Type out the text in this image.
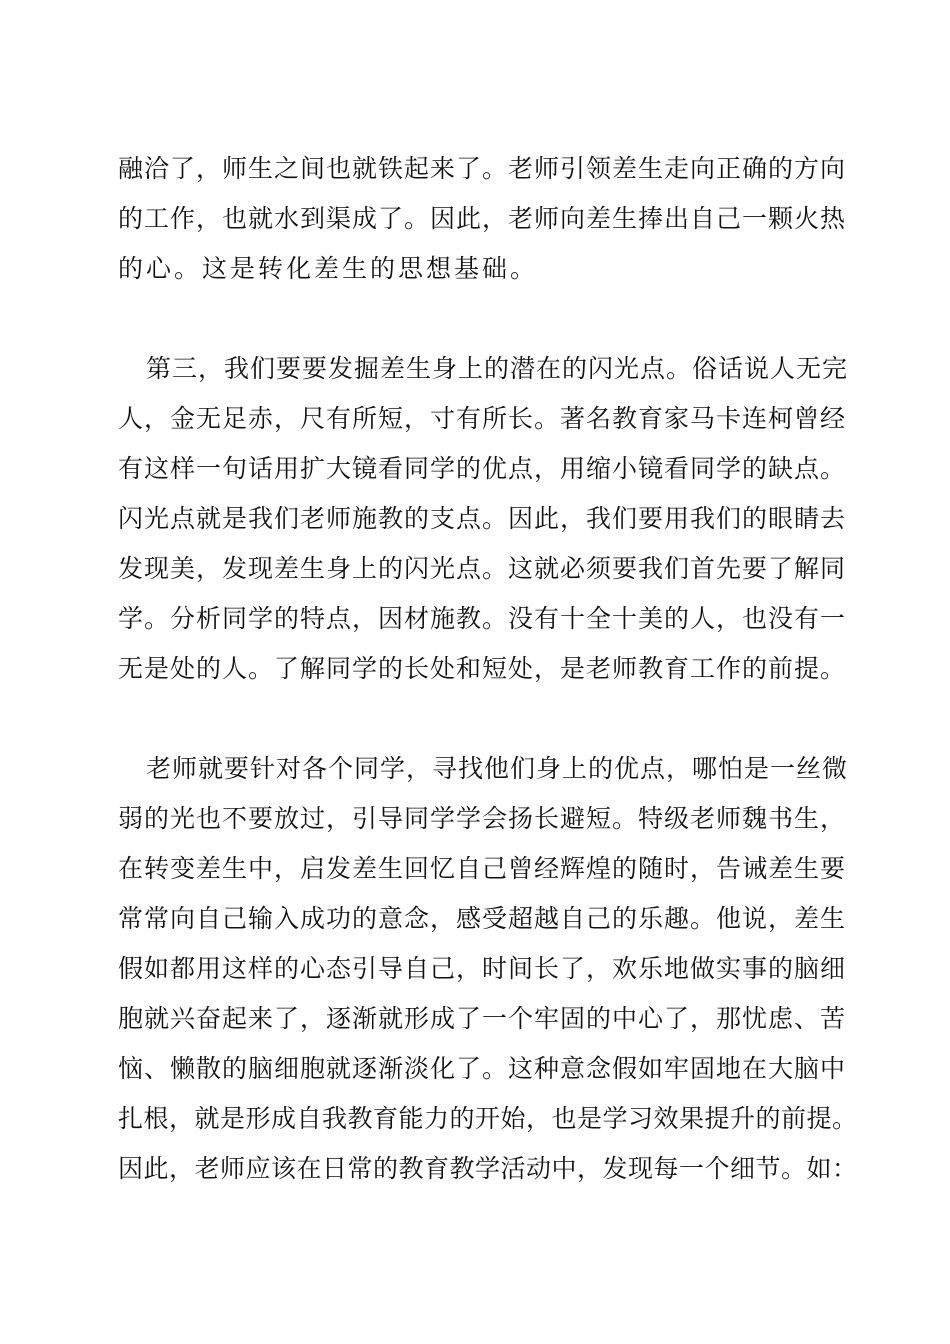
融洽了，师生之间也就铁起来了。老师引领差生走向正确的方向
的工作，也就水到渠成了。因此，老师向差生捧出自己一颗火热
的心。这是转化差生的思想基础。
第三，我们要要发掘差生身上的潜在的闪光点。俗话说人无完
人，金无足赤，尺有所短，寸有所长。著名教育家马卡连柯曾经
有这样一句话用扩大镜看同学的优点，用缩小镜看同学的缺点。
闪光点就是我们老师施教的支点。因此，我们要用我们的眼睛去
发现美，发现差生身上的闪光点。这就必须要我们首先要了解同
学。分析同学的特点，因材施教。没有十全十美的人，也没有一
无是处的人。了解同学的长处和短处，是老师教育工作的前提。
老师就要针对各个同学，寻找他们身上的优点，哪怕是一丝微
弱的光也不要放过，引导同学学会扬长避短。特级老师魏书生，
在转变差生中，启发差生回忆自己曾经辉煌的随时，告诫差生要
常常向自己输入成功的意念，感受超越自己的乐趣。他说，差生
假如都用这样的心态引导自己，时间长了，欢乐地做实事的脑细
胞就兴奋起来了，逐渐就形成了一个牢固的中心了，那忧虑、苦
恼、懒散的脑细胞就逐渐淡化了。这种意念假如牢固地在大脑中
扎根，就是形成自我教育能力的开始，也是学习效果提升的前提。
因此，老师应该在日常的教育教学活动中，发现每一个细节。如：
